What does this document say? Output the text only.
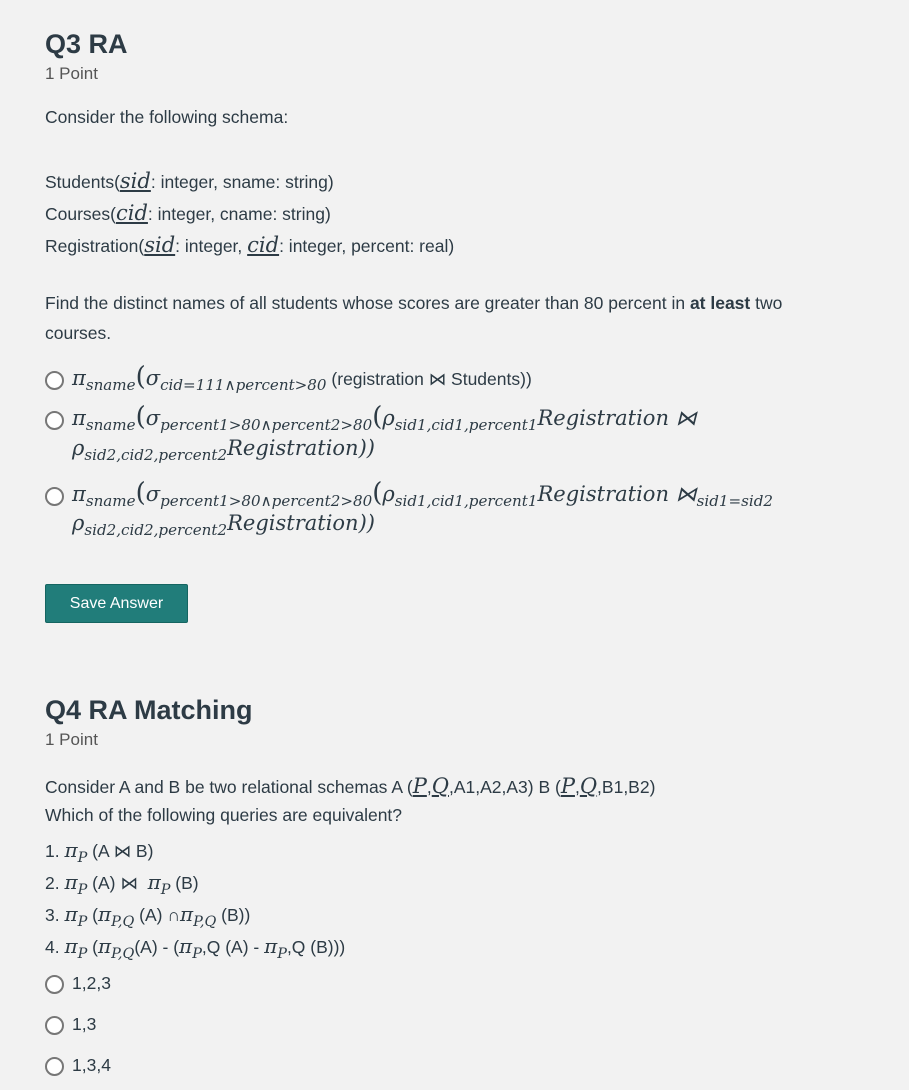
Q3 RA
1 Point
Consider the following schema:
Students(sid: integer, sname: string)
Courses(cid: integer, cname: string)
Registration(sid: integer, cid: integer, percent: real)
Find the distinct names of all students whose scores are greater than 80 percent in at least two
courses.
$\pi_{sname}(\sigma_{cid=111\wedge percent>80}$ (registration ⋈ Students))
$\pi_{sname}(\sigma_{percent1>80\wedge percent2>80}(\rho_{sid1,cid1,percent1}Registration$ ⋈
$\rho_{sid2,cid2,percent2}Registration$))
$\pi_{sname}(\sigma_{percent1>80\wedge percent2>80}(\rho_{sid1,cid1,percent1}Registration$ $⋈_{sid1=sid2}$
$\rho_{sid2,cid2,percent2}Registration$))
Save Answer
Q4 RA Matching
1 Point
Consider A and B be two relational schemas A (P,Q,A1,A2,A3) B (P,Q,B1,B2)
Which of the following queries are equivalent?
1. $\pi_P$ (A ⋈ B)
2. $\pi_P$ (A) ⋈  $\pi_P$ (B)
3. $\pi_P$ ($\pi_{P,Q}$ (A) $\cap\pi_{P,Q}$ (B))
4. $\pi_P$ ($\pi_{P,Q}(A) - (\pi_P,Q$ $(A) - \pi_P,Q$ (B)))
1,2,3
1,3
1,3,4
